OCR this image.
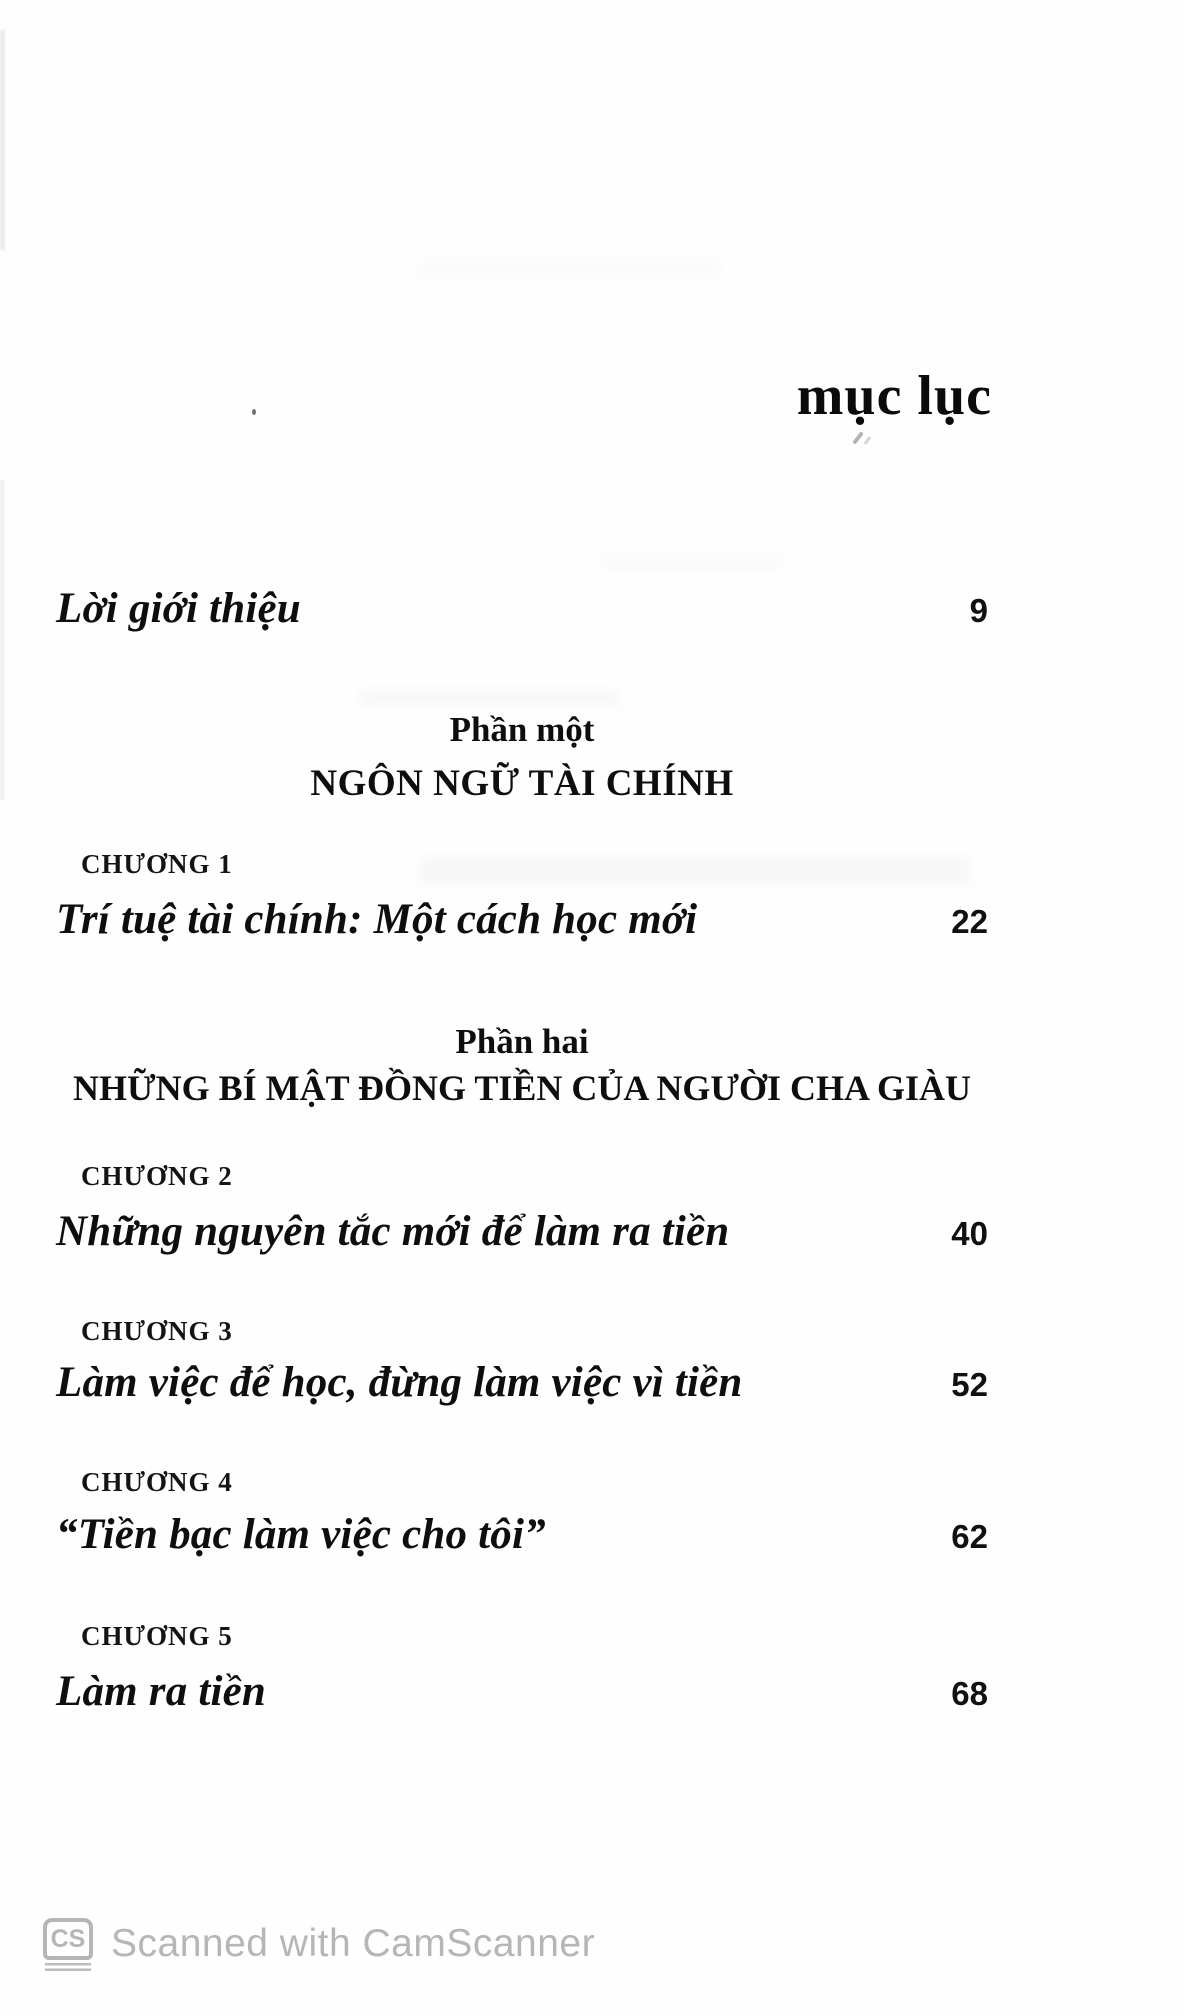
mục lục
Lời giới thiệu	9
Phần một
NGÔN NGỮ TÀI CHÍNH
CHƯƠNG 1
Trí tuệ tài chính: Một cách học mới	22
Phần hai
NHỮNG BÍ MẬT ĐỒNG TIỀN CỦA NGƯỜI CHA GIÀU
CHƯƠNG 2
Những nguyên tắc mới để làm ra tiền	40
CHƯƠNG 3
Làm việc để học, đừng làm việc vì tiền	52
CHƯƠNG 4
“Tiền bạc làm việc cho tôi”	62
CHƯƠNG 5
Làm ra tiền	68
CS Scanned with CamScanner
